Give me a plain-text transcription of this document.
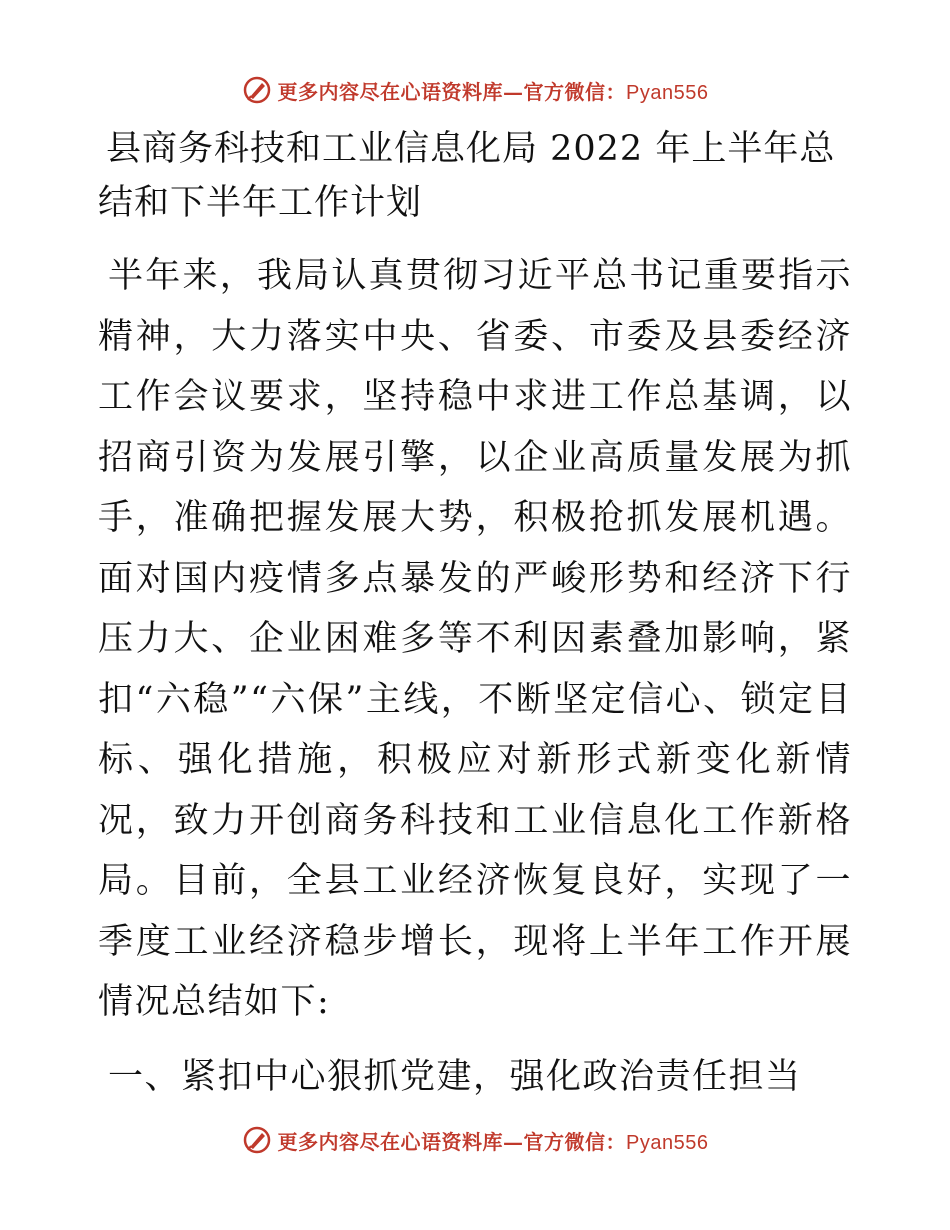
更多内容尽在心语资料库—官方微信：Pyan556
县商务科技和工业信息化局 2022 年上半年总结和下半年工作计划

半年来，我局认真贯彻习近平总书记重要指示精神，大力落实中央、省委、市委及县委经济工作会议要求，坚持稳中求进工作总基调，以招商引资为发展引擎，以企业高质量发展为抓手，准确把握发展大势，积极抢抓发展机遇。面对国内疫情多点暴发的严峻形势和经济下行压力大、企业困难多等不利因素叠加影响，紧扣“六稳”“六保”主线，不断坚定信心、锁定目标、强化措施，积极应对新形式新变化新情况，致力开创商务科技和工业信息化工作新格局。目前，全县工业经济恢复良好，实现了一季度工业经济稳步增长，现将上半年工作开展情况总结如下:

一、紧扣中心狠抓党建，强化政治责任担当
更多内容尽在心语资料库—官方微信：Pyan556
